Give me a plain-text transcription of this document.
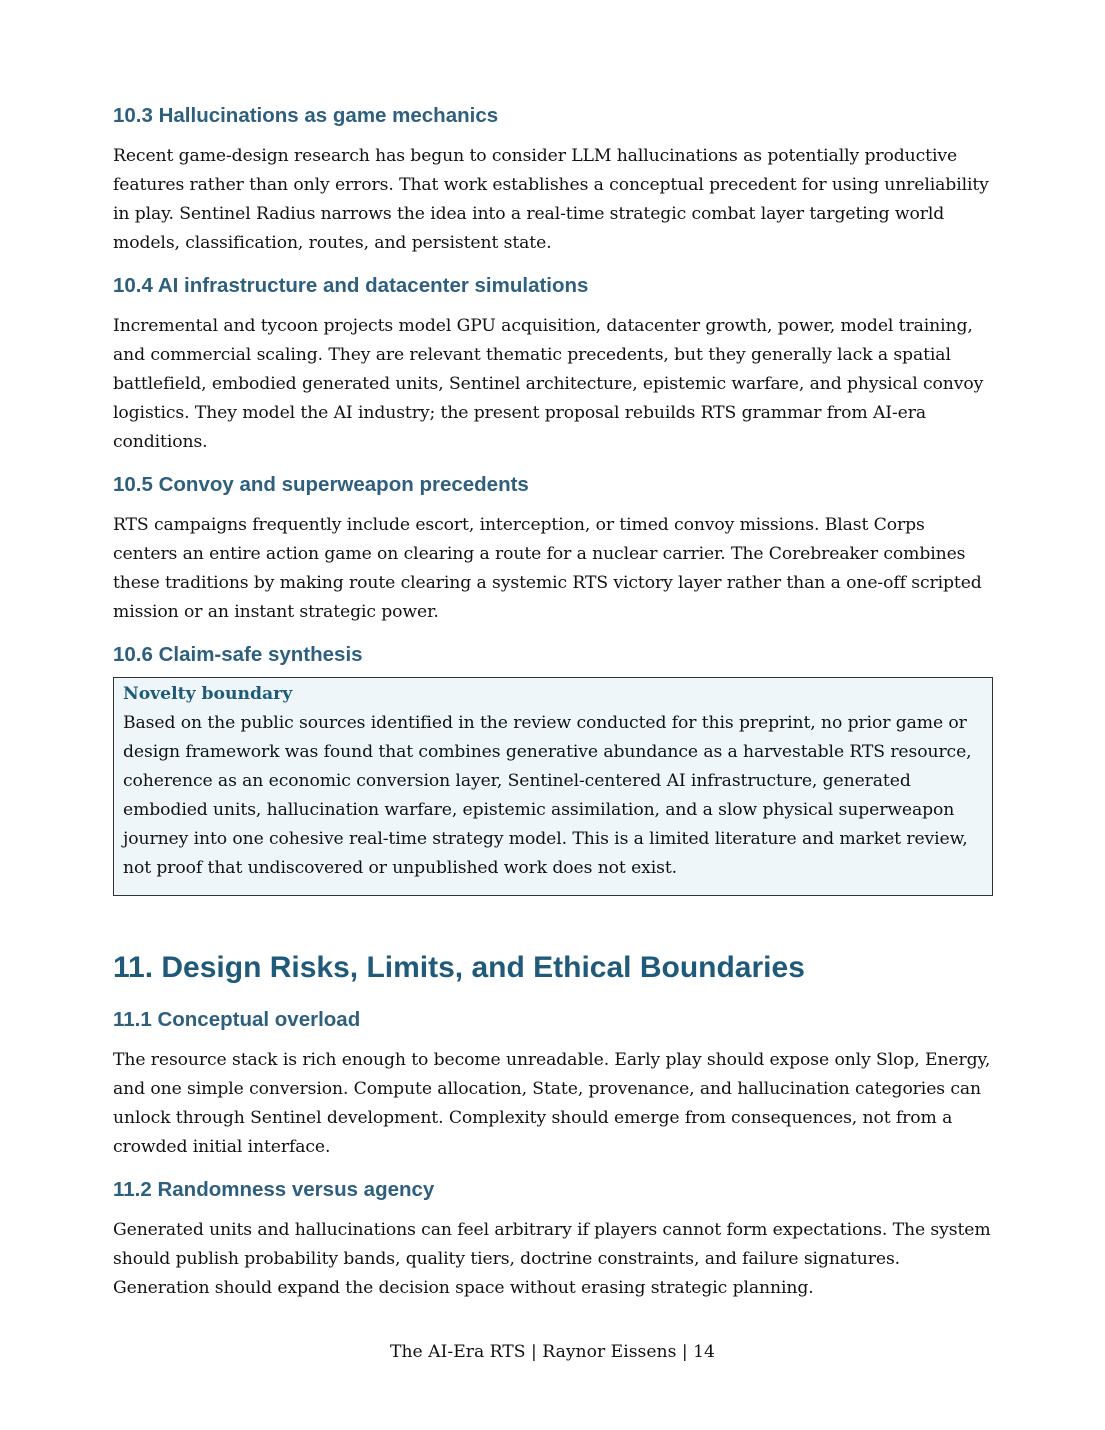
10.3 Hallucinations as game mechanics

Recent game-design research has begun to consider LLM hallucinations as potentially productive features rather than only errors. That work establishes a conceptual precedent for using unreliability in play. Sentinel Radius narrows the idea into a real-time strategic combat layer targeting world models, classification, routes, and persistent state.

10.4 AI infrastructure and datacenter simulations

Incremental and tycoon projects model GPU acquisition, datacenter growth, power, model training, and commercial scaling. They are relevant thematic precedents, but they generally lack a spatial battlefield, embodied generated units, Sentinel architecture, epistemic warfare, and physical convoy logistics. They model the AI industry; the present proposal rebuilds RTS grammar from AI-era conditions.

10.5 Convoy and superweapon precedents

RTS campaigns frequently include escort, interception, or timed convoy missions. Blast Corps centers an entire action game on clearing a route for a nuclear carrier. The Corebreaker combines these traditions by making route clearing a systemic RTS victory layer rather than a one-off scripted mission or an instant strategic power.

10.6 Claim-safe synthesis
Novelty boundary

Based on the public sources identified in the review conducted for this preprint, no prior game or design framework was found that combines generative abundance as a harvestable RTS resource, coherence as an economic conversion layer, Sentinel-centered AI infrastructure, generated embodied units, hallucination warfare, epistemic assimilation, and a slow physical superweapon journey into one cohesive real-time strategy model. This is a limited literature and market review, not proof that undiscovered or unpublished work does not exist.

11. Design Risks, Limits, and Ethical Boundaries
11.1 Conceptual overload

The resource stack is rich enough to become unreadable. Early play should expose only Slop, Energy, and one simple conversion. Compute allocation, State, provenance, and hallucination categories can unlock through Sentinel development. Complexity should emerge from consequences, not from a crowded initial interface.

11.2 Randomness versus agency

Generated units and hallucinations can feel arbitrary if players cannot form expectations. The system should publish probability bands, quality tiers, doctrine constraints, and failure signatures. Generation should expand the decision space without erasing strategic planning.

The AI-Era RTS | Raynor Eissens | 14
